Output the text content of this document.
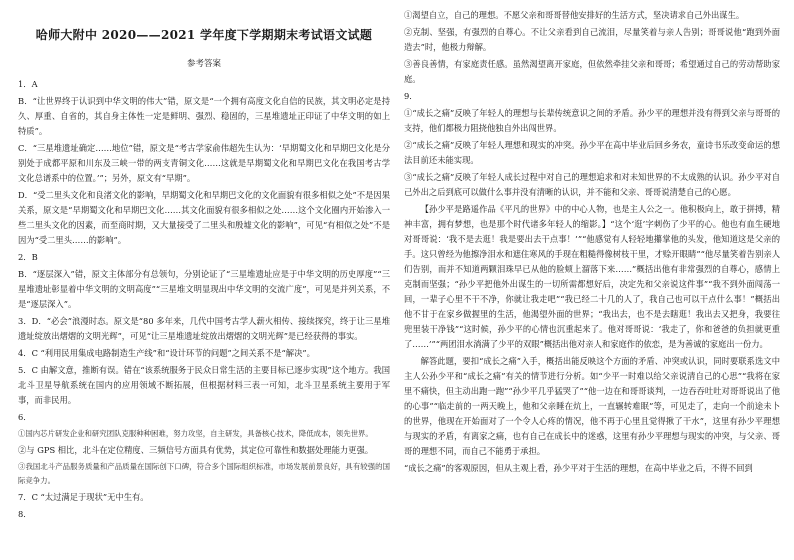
哈师大附中 2020——2021 学年度下学期期末考试语文试题
参考答案

1．A

B．“让世界终于认识到中华文明的伟大”错，原文是“一个拥有高度文化自信的民族，其文明必定是持久、厚重、自省的，其自身主体性一定是鲜明、强烈、稳固的，三星堆遗址正印证了中华文明的如上特质”。

C．“三星堆遗址确定……地位”错，原文是“考古学家俞伟超先生认为：‘早期蜀文化和早期巴文化是分别处于成都平原和川东及三峡一带的两支青铜文化……这就是早期蜀文化和早期巴文化在我国考古学文化总谱系中的位置。’”；另外，原文有“早期”。

D．“受二里头文化和良渚文化的影响，早期蜀文化和早期巴文化的文化面貌有很多相似之处”不是因果关系，原文是“早期蜀文化和早期巴文化……其文化面貌有很多相似之处……这个文化圈内开始渗入一些二里头文化的因素，而至商时期，又大量接受了二里头和殷墟文化的影响”，可见“有相似之处”不是因为“受二里头……的影响”。

2．B

B．“逐层深入”错，原文主体部分有总领句，分别论证了“三星堆遗址应是于中华文明的历史厚度”“三星堆遗址彰显着中华文明的文明高度”“三星堆文明显现出中华文明的交流广度”，可见是并列关系，不是“逐层深入”。

3．D．“必会”浪漫时态。原文是“80 多年来，几代中国考古学人薪火相传、接续探究，终于让三星堆遗址绽放出熠熠的文明光辉”，可见“让三星堆遗址绽放出熠熠的文明光辉”是已经获得的事实。

4．C “利用民用集成电路制造生产线”和“设计环节的问题”之间关系不是“解决”。

5．C 由解文意，推断有误。错在“该系统服务于民众日常生活的主要目标已逐步实现”这个地方。我国北斗卫星导航系统在国内的应用领域不断拓展，但根据材料三表一可知，北斗卫星系统主要用于军事，而非民用。

6．

①国内芯片研发企业和研究团队克服种种困难，努力攻坚，自主研发，具备核心技术，降低成本，领先世界。

②与 GPS 相比，北斗在定位精度、三频信号方面具有优势，其定位可靠性和数据处理能力更强。

③我国北斗产品服务质量和产品质量在国际创下口碑，符合多个国际组织标准，市场发展前景良好，具有较强的国际竞争力。

7．C “太过满足于现状”无中生有。

8．

①渴望自立，自己的理想。不愿父亲和哥哥替他安排好的生活方式，坚决请求自己外出谋生。

②克制、坚强，有强烈的自尊心。不让父亲看到自己流泪，尽量笑着与亲人告别；哥哥说他“跑到外面造去”时，他极力辩解。

③善良善情，有家庭责任感。虽然渴望离开家庭，但依然牵挂父亲和哥哥；希望通过自己的劳动帮助家庭。

9．

①“成长之痛”反映了年轻人的理想与长辈传统意识之间的矛盾。孙少平的理想并没有得到父亲与哥哥的支持，他们都极力阻挠他独自外出闯世界。

②“成长之痛”反映了年轻人理想和现实的冲突。孙少平在高中毕业后回乡务农，童诗书乐改变命运的想法目前还未能实现。

③“成长之痛”反映了年轻人成长过程中对自己的理想追求和对未知世界的不太成熟的认识。孙少平对自己外出之后到底可以做什么事并没有清晰的认识，并不能和父亲、哥哥说清楚自己的心愿。

【孙少平是路遥作品《平凡的世界》中的中心人物，也是主人公之一。他积极向上，敢于拼搏，精神丰富，拥有梦想，也是那个时代诸多年轻人的缩影。】“这个‘逛’字刺伤了少平的心。他也有血生硬地对哥哥说：‘我不是去逛！我是要出去干点事！’”“他感觉有人轻轻地攥掌他的头发，他知道这是父亲的手。这只曾经为他擦净泪水和遮住寒风的手现在粗糙得像树枝干里，才赊开眼睛”“他尽量笑着告别亲人们告别，而并不知道两颗泪珠早已从他的脸颊上溜落下来……”概括出他有非常强烈的自尊心，感情上克制而坚强；“孙少平把他外出谋生的一切所需都想好后，决定先和父亲说这件事”“我不到外面闯荡一回，一辈子心里不干不净，你就让我走吧”“我已经二十几的人了，我自己也可以干点什么事！”概括出他不甘于在家乡做握里的生活，他渴望外面的世界；“我出去，也不是去瞎逛！我出去又把身，我要往兜里装干净钱”“这时候，孙少平的心情也沉重起来了。他对哥哥说：‘我走了，你和爸爸的负担就更重了……’”“两团泪水淌满了少平的双眼”概括出他对亲人和家庭作的依恋，是为善诚的家庭出一份力。

解答此题，要扣“成长之痛”入手，概括出能反映这个方面的矛盾、冲突或认识，同时要联系选文中主人公孙少平和“成长之痛”有关的情节进行分析。如“少平一时难以给父亲说清自己的心思”“我将在家里不痛快，但主动出跑一跑”“孙少平几乎猛哭了”“他一边在和哥哥谈判，一边吞吞吐吐对哥哥说出了他的心事”“临走前的一两天晚上，他和父亲睡在炕上，一直辗转难眠”等，可见走了，走向一个前途未卜的世界，他现在开始面对了一个令人心疼的情况，他不再于心里且觉得揪了干水”，这里有孙少平理想与现实的矛盾，有离家之痛，也有自己在成长中的迷惑，这里有孙少平理想与现实的冲突，与父亲、哥哥的理想不同，而自己不能勇于承担。

“成长之痛”的客观原因，但从主观上看，孙少平对于生活的理想，在高中毕业之后，不得不回到
